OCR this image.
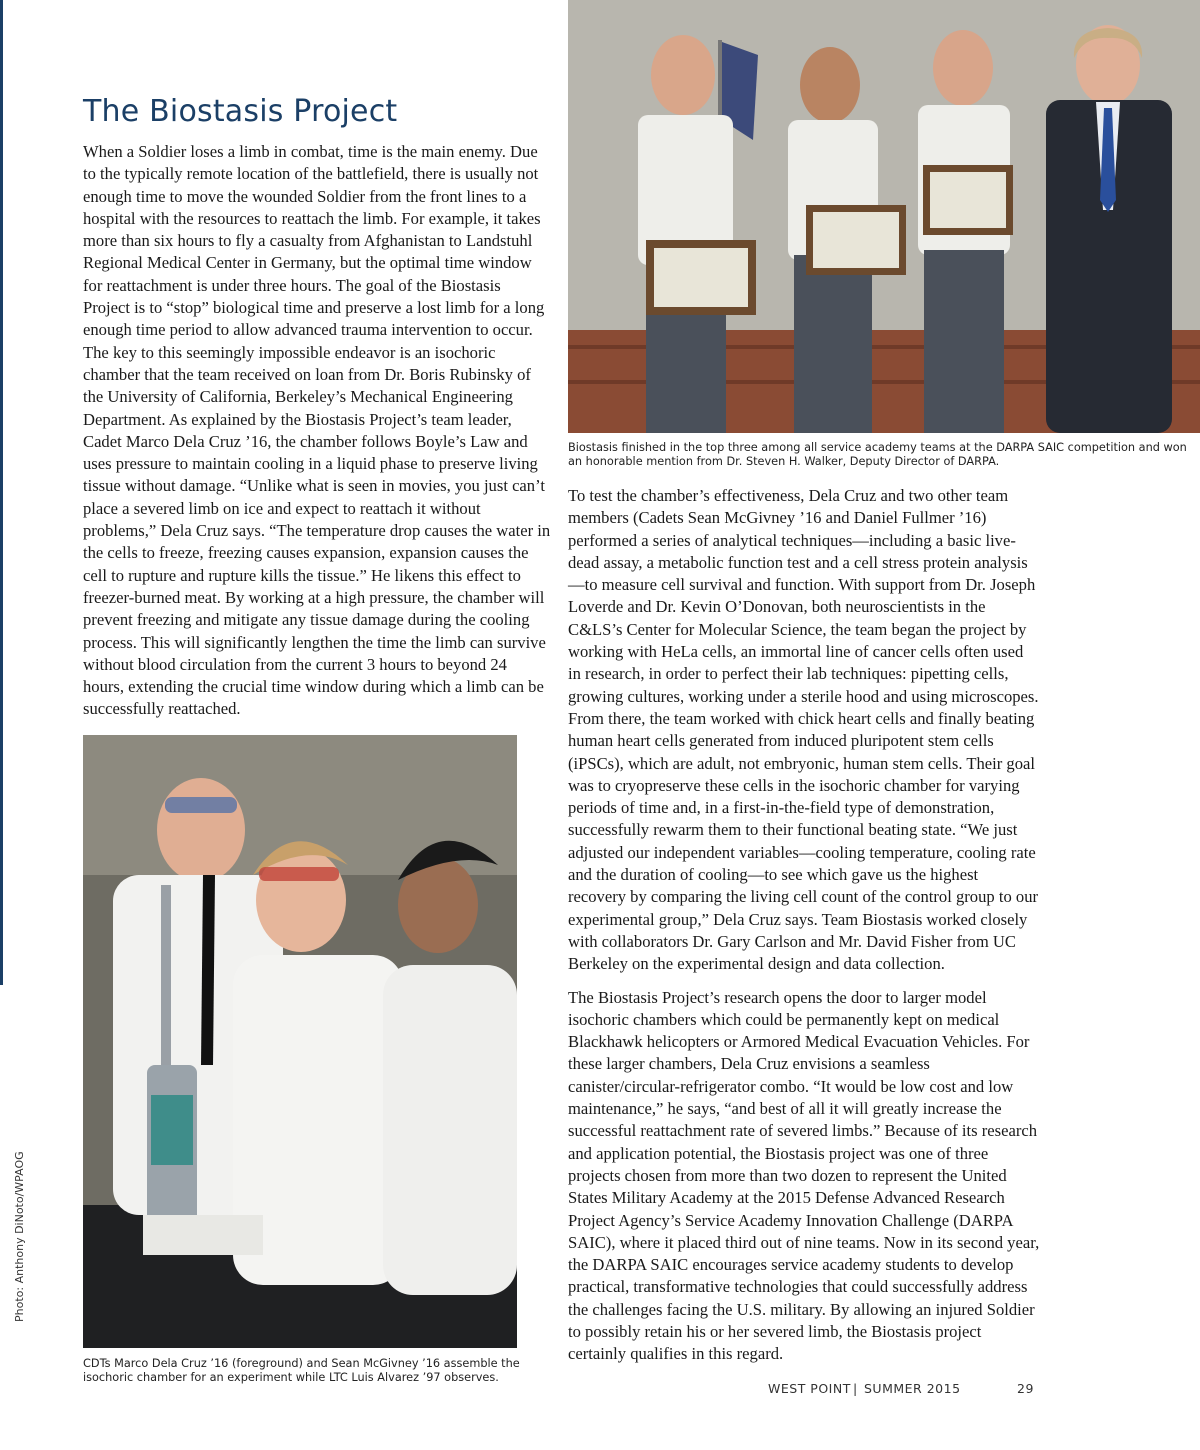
The Biostasis Project

When a Soldier loses a limb in combat, time is the main enemy. Due to the typically remote location of the battlefield, there is usually not enough time to move the wounded Soldier from the front lines to a hospital with the resources to reattach the limb. For example, it takes more than six hours to fly a casualty from Afghanistan to Landstuhl Regional Medical Center in Germany, but the optimal time window for reattachment is under three hours. The goal of the Biostasis Project is to “stop” biological time and preserve a lost limb for a long enough time period to allow advanced trauma intervention to occur. The key to this seemingly impossible endeavor is an isochoric chamber that the team received on loan from Dr. Boris Rubinsky of the University of California, Berkeley’s Mechanical Engineering Department. As explained by the Biostasis Project’s team leader, Cadet Marco Dela Cruz ’16, the chamber follows Boyle’s Law and uses pressure to maintain cooling in a liquid phase to preserve living tissue without damage. “Unlike what is seen in movies, you just can’t place a severed limb on ice and expect to reattach it without problems,” Dela Cruz says. “The temperature drop causes the water in the cells to freeze, freezing causes expansion, expansion causes the cell to rupture and rupture kills the tissue.” He likens this effect to freezer-burned meat. By working at a high pressure, the chamber will prevent freezing and mitigate any tissue damage during the cooling process. This will significantly lengthen the time the limb can survive without blood circulation from the current 3 hours to beyond 24 hours, extending the crucial time window during which a limb can be successfully reattached.

Biostasis finished in the top three among all service academy teams at the DARPA SAIC competition and won an honorable mention from Dr. Steven H. Walker, Deputy Director of DARPA.

To test the chamber’s effectiveness, Dela Cruz and two other team members (Cadets Sean McGivney ’16 and Daniel Fullmer ’16) performed a series of analytical techniques—including a basic live-dead assay, a metabolic function test and a cell stress protein analysis—to measure cell survival and function. With support from Dr. Joseph Loverde and Dr. Kevin O’Donovan, both neuroscientists in the C&LS’s Center for Molecular Science, the team began the project by working with HeLa cells, an immortal line of cancer cells often used in research, in order to perfect their lab techniques: pipetting cells, growing cultures, working under a sterile hood and using microscopes. From there, the team worked with chick heart cells and finally beating human heart cells generated from induced pluripotent stem cells (iPSCs), which are adult, not embryonic, human stem cells. Their goal was to cryopreserve these cells in the isochoric chamber for varying periods of time and, in a first-in-the-field type of demonstration, successfully rewarm them to their functional beating state. “We just adjusted our independent variables—cooling temperature, cooling rate and the duration of cooling—to see which gave us the highest recovery by comparing the living cell count of the control group to our experimental group,” Dela Cruz says. Team Biostasis worked closely with collaborators Dr. Gary Carlson and Mr. David Fisher from UC Berkeley on the experimental design and data collection.

The Biostasis Project’s research opens the door to larger model isochoric chambers which could be permanently kept on medical Blackhawk helicopters or Armored Medical Evacuation Vehicles. For these larger chambers, Dela Cruz envisions a seamless canister/circular-refrigerator combo. “It would be low cost and low maintenance,” he says, “and best of all it will greatly increase the successful reattachment rate of severed limbs.” Because of its research and application potential, the Biostasis project was one of three projects chosen from more than two dozen to represent the United States Military Academy at the 2015 Defense Advanced Research Project Agency’s Service Academy Innovation Challenge (DARPA SAIC), where it placed third out of nine teams. Now in its second year, the DARPA SAIC encourages service academy students to develop practical, transformative technologies that could successfully address the challenges facing the U.S. military. By allowing an injured Soldier to possibly retain his or her severed limb, the Biostasis project certainly qualifies in this regard.

CDTs Marco Dela Cruz ’16 (foreground) and Sean McGivney ’16 assemble the isochoric chamber for an experiment while LTC Luis Alvarez ’97 observes.

Photo: Anthony DiNoto/WPAOG
WEST POINT | SUMMER 2015	29
